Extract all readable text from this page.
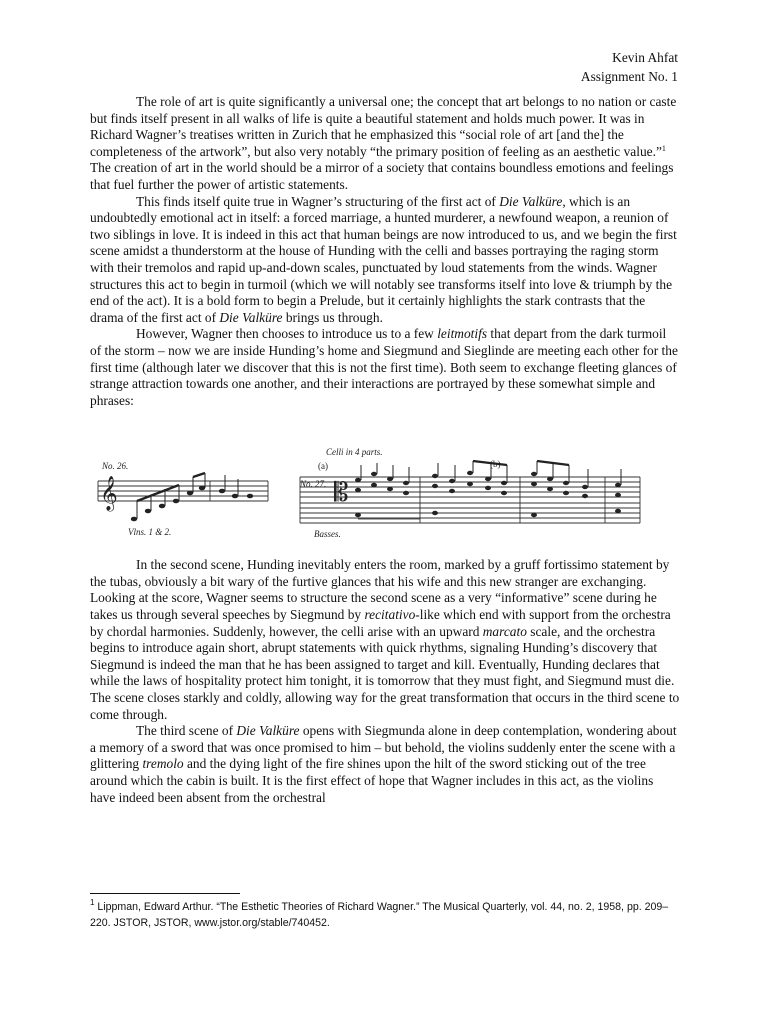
Kevin Ahfat
Assignment No. 1

The role of art is quite significantly a universal one; the concept that art belongs to no nation or caste but finds itself present in all walks of life is quite a beautiful statement and holds much power. It was in Richard Wagner’s treatises written in Zurich that he emphasized this “social role of art [and the] the completeness of the artwork”, but also very notably “the primary position of feeling as an aesthetic value.”$^1$ The creation of art in the world should be a mirror of a society that contains boundless emotions and feelings that fuel further the power of artistic statements.

This finds itself quite true in Wagner’s structuring of the first act of Die Valküre, which is an undoubtedly emotional act in itself: a forced marriage, a hunted murderer, a newfound weapon, a reunion of two siblings in love. It is indeed in this act that human beings are now introduced to us, and we begin the first scene amidst a thunderstorm at the house of Hunding with the celli and basses portraying the raging storm with their tremolos and rapid up-and-down scales, punctuated by loud statements from the winds. Wagner structures this act to begin in turmoil (which we will notably see transforms itself into love & triumph by the end of the act). It is a bold form to begin a Prelude, but it certainly highlights the stark contrasts that the drama of the first act of Die Valküre brings us through.

However, Wagner then chooses to introduce us to a few leitmotifs that depart from the dark turmoil of the storm – now we are inside Hunding’s home and Siegmund and Sieglinde are meeting each other for the first time (although later we discover that this is not the first time). Both seem to exchange fleeting glances of strange attraction towards one another, and their interactions are portrayed by these somewhat simple and phrases:

No. 26.
𝄞
Vlns. 1 & 2.
Celli in 4 parts.
(a)
No. 27. 𝄡
Basses.

In the second scene, Hunding inevitably enters the room, marked by a gruff fortissimo statement by the tubas, obviously a bit wary of the furtive glances that his wife and this new stranger are exchanging. Looking at the score, Wagner seems to structure the second scene as a very “informative” scene during he takes us through several speeches by Siegmund by recitativo-like which end with support from the orchestra by chordal harmonies. Suddenly, however, the celli arise with an upward marcato scale, and the orchestra begins to introduce again short, abrupt statements with quick rhythms, signaling Hunding’s discovery that Siegmund is indeed the man that he has been assigned to target and kill. Eventually, Hunding declares that while the laws of hospitality protect him tonight, it is tomorrow that they must fight, and Siegmund must die. The scene closes starkly and coldly, allowing way for the great transformation that occurs in the third scene to come through.

The third scene of Die Valküre opens with Siegmunda alone in deep contemplation, wondering about a memory of a sword that was once promised to him – but behold, the violins suddenly enter the scene with a glittering tremolo and the dying light of the fire shines upon the hilt of the sword sticking out of the tree around which the cabin is built. It is the first effect of hope that Wagner includes in this act, as the violins have indeed been absent from the orchestral

$^1$ Lippman, Edward Arthur. “The Esthetic Theories of Richard Wagner.” The Musical Quarterly, vol. 44, no. 2, 1958, pp. 209–220. JSTOR, JSTOR, www.jstor.org/stable/740452.
